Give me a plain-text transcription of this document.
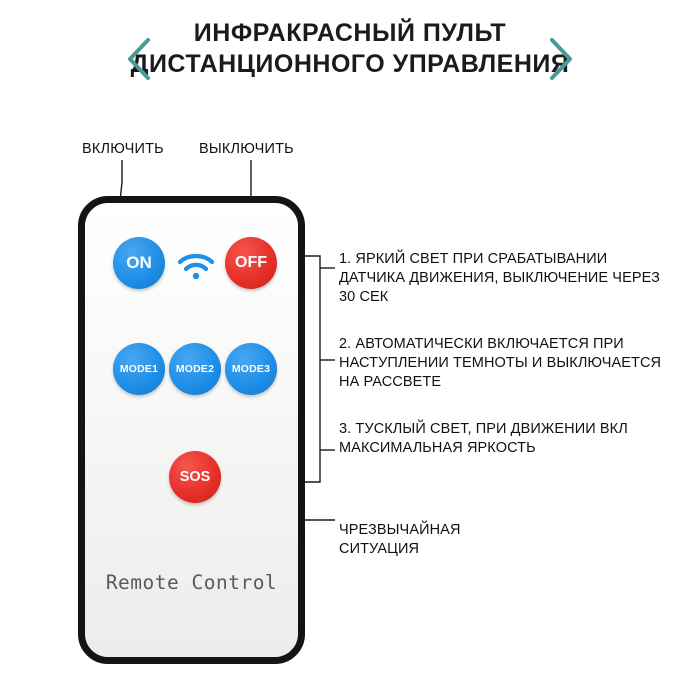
ИНФРАКРАСНЫЙ ПУЛЬТ ДИСТАНЦИОННОГО УПРАВЛЕНИЯ
ВКЛЮЧИТЬ ВЫКЛЮЧИТЬ
1. ЯРКИЙ СВЕТ ПРИ СРАБАТЫВАНИИ ДАТЧИКА ДВИЖЕНИЯ, ВЫКЛЮЧЕНИЕ ЧЕРЕЗ 30 СЕК
2. АВТОМАТИЧЕСКИ ВКЛЮЧАЕТСЯ ПРИ НАСТУПЛЕНИИ ТЕМНОТЫ И ВЫКЛЮЧАЕТСЯ НА РАССВЕТЕ
3. ТУСКЛЫЙ СВЕТ, ПРИ ДВИЖЕНИИ ВКЛ МАКСИМАЛЬНАЯ ЯРКОСТЬ
ЧРЕЗВЫЧАЙНАЯ СИТУАЦИЯ
ON	OFF
MODE1	MODE2	MODE3
SOS
Remote Control
